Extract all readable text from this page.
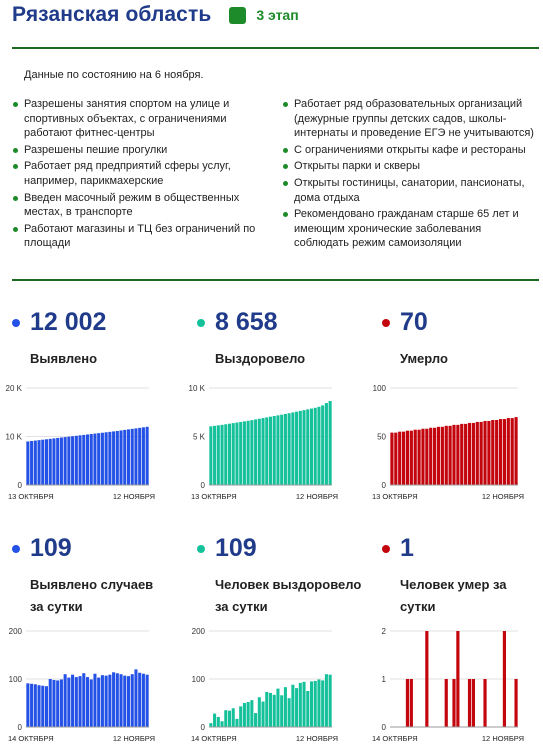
Рязанская область	3 этап
Данные по состоянию на 6 ноября.
Разрешены занятия спортом на улице и спортивных объектах, с ограничениями работают фитнес-центры
Разрешены пешие прогулки
Работает ряд предприятий сферы услуг, например, парикмахерские
Введен масочный режим в общественных местах, в транспорте
Работают магазины и ТЦ без ограничений по площади
Работает ряд образовательных организаций (дежурные группы детских садов, школы-интернаты и проведение ЕГЭ не учитываются)
С ограничениями открыты кафе и рестораны
Открыты парки и скверы
Открыты гостиницы, санатории, пансионаты, дома отдыха
Рекомендовано гражданам старше 65 лет и имеющим хронические заболевания соблюдать режим самоизоляции
12 002
Выявлено
8 658
Выздоровело
70
Умерло
0
10 K
20 K
13 ОКТЯБРЯ	12 НОЯБРЯ
0
5 K
10 K
13 ОКТЯБРЯ	12 НОЯБРЯ
0
50
100
13 ОКТЯБРЯ	12 НОЯБРЯ
109
Выявлено случаев за сутки
109
Человек выздоровело за сутки
1
Человек умер за сутки
0
100
200
14 ОКТЯБРЯ	12 НОЯБРЯ
0
100
200
14 ОКТЯБРЯ	12 НОЯБРЯ
0
1
2
14 ОКТЯБРЯ	12 НОЯБРЯ
